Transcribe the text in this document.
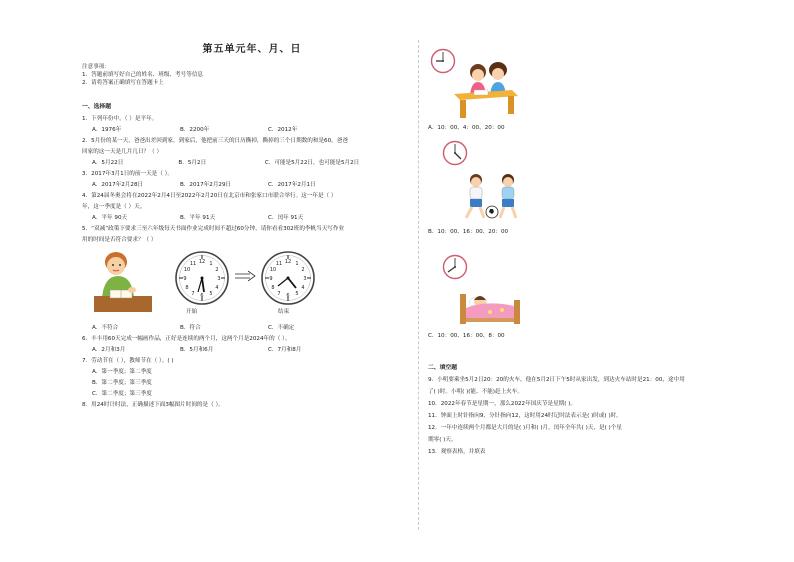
第五单元年、月、日
注意事项：
1．答题前填写好自己的姓名、班级、考号等信息
2．请将答案正确填写在答题卡上
一、选择题
1．下列年份中，（ ）是平年。
A．1976年	B．2200年	C．2012年
2．5月份的某一天，爸爸出差回到家，到家后，他把前三天的日历撕掉，撕掉的三个日期数的和是60，爸爸
回家的这一天是几月几日？（ ）
A．5月22日	B．5月2日	C．可能是5月22日，也可能是5月2日
3．2017年3月1日的前一天是（ ）。
A．2017年2月28日	B．2017年2月29日	C．2017年2月1日
4．第24届冬奥会将在2022年2月4日至2022年2月20日在北京市和张家口市联合举行。这一年是（ ）
年，这一季度是（ ）天。
A．平年 90天	B．平年 91天	C．闰年 91天
5．“双减”政策下要求三至六年级每天书面作业完成时间不超过60分钟，请你看看302班的李帆当天写作业
用的时间是否符合要求？（ ）
12 1
2
3
4
5
6
7
8
9
10
11
开始
12 1
2
3
4
5
6
7
8
9
10
11
结束
A．不符合	B．符合	C．不确定
6．丰丰用60天完成一幅画作品，正好是连续的两个月，这两个月是2024年的（ ）。
A．2月和3月	B．5月和6月	C．7月和8月
7．劳动节在（ ），教师节在（ ）。( )
A．第一季度；第二季度
B．第二季度；第三季度
C．第二季度；第三季度
8．用24时计时法，正确描述下面3幅图片时间的是（ ）。
A．10：00、4：00、20：00
B．10：00、16：00、20：00
C．10：00、16：00、8：00
二、填空题
9．小明要乘坐5月2日20：20的火车，他在5月2日下午5时从家出发，到达火车站时是21：00，途中用
了( )时。小明( )(能、不能)赶上火车。
10．2022年春节是星期一，那么2022年国庆节是星期( )。
11．钟面上时针指向9，分针指向12，这时用24时记时法表示是( )时或( )时。
12．一年中连续两个月都是大月的是( )月和( )月，闰年全年共( )天，是( )个星
期零( )天。
13．观察表格，并填表
